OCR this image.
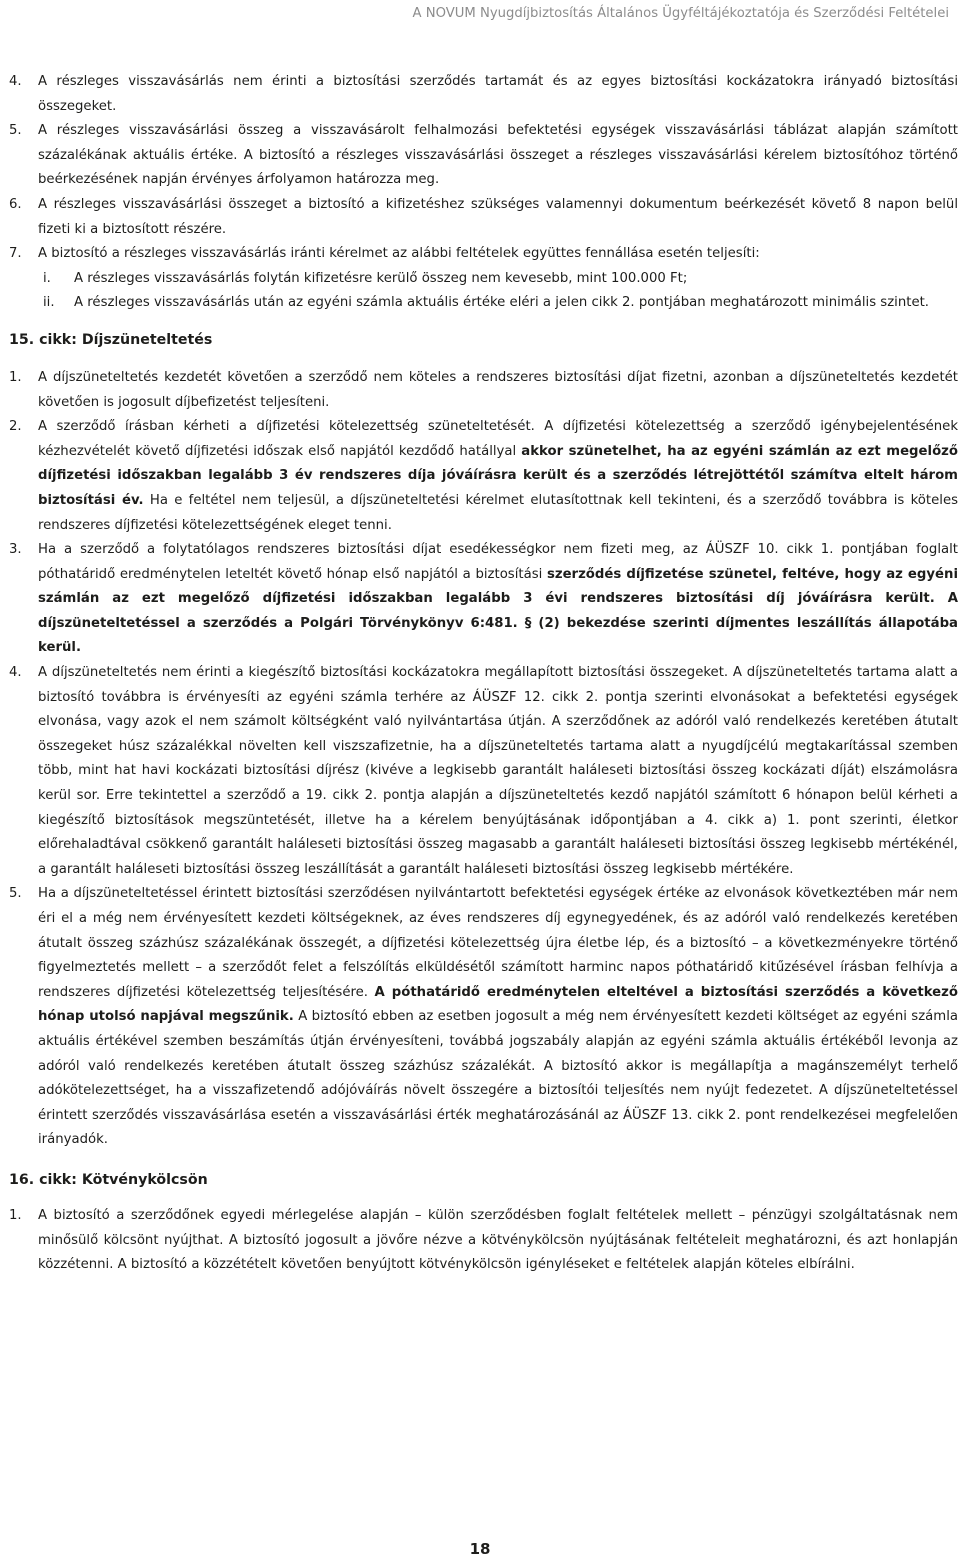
A NOVUM Nyugdíjbiztosítás Általános Ügyféltájékoztatója és Szerződési Feltételei
4. A részleges visszavásárlás nem érinti a biztosítási szerződés tartamát és az egyes biztosítási kockázatokra irányadó biztosítási összegeket.
5. A részleges visszavásárlási összeg a visszavásárolt felhalmozási befektetési egységek visszavásárlási táblázat alapján számított százalékának aktuális értéke. A biztosító a részleges visszavásárlási összeget a részleges visszavásárlási kérelem biztosítóhoz történő beérkezésének napján érvényes árfolyamon határozza meg.
6. A részleges visszavásárlási összeget a biztosító a kifizetéshez szükséges valamennyi dokumentum beérkezését követő 8 napon belül fizeti ki a biztosított részére.
7. A biztosító a részleges visszavásárlás iránti kérelmet az alábbi feltételek együttes fennállása esetén teljesíti:
i. A részleges visszavásárlás folytán kifizetésre kerülő összeg nem kevesebb, mint 100.000 Ft;
ii. A részleges visszavásárlás után az egyéni számla aktuális értéke eléri a jelen cikk 2. pontjában meghatározott minimális szintet.
15. cikk: Díjszüneteltetés
1. A díjszüneteltetés kezdetét követően a szerződő nem köteles a rendszeres biztosítási díjat fizetni, azonban a díjszüneteltetés kezdetét követően is jogosult díjbefizetést teljesíteni.
2. A szerződő írásban kérheti a díjfizetési kötelezettség szüneteltetését. A díjfizetési kötelezettség a szerződő igénybejelentésének kézhezvételét követő díjfizetési időszak első napjától kezdődő hatállyal akkor szünetelhet, ha az egyéni számlán az ezt megelőző díjfizetési időszakban legalább 3 év rendszeres díja jóváírásra került és a szerződés létrejöttétől számítva eltelt három biztosítási év. Ha e feltétel nem teljesül, a díjszüneteltetési kérelmet elutasítottnak kell tekinteni, és a szerződő továbbra is köteles rendszeres díjfizetési kötelezettségének eleget tenni.
3. Ha a szerződő a folytatólagos rendszeres biztosítási díjat esedékességkor nem fizeti meg, az ÁÜSZF 10. cikk 1. pontjában foglalt póthatáridő eredménytelen leteltét követő hónap első napjától a biztosítási szerződés díjfizetése szünetel, feltéve, hogy az egyéni számlán az ezt megelőző díjfizetési időszakban legalább 3 évi rendszeres biztosítási díj jóváírásra került. A díjszüneteltetéssel a szerződés a Polgári Törvénykönyv 6:481. § (2) bekezdése szerinti díjmentes leszállítás állapotába kerül.
4. A díjszüneteltetés nem érinti a kiegészítő biztosítási kockázatokra megállapított biztosítási összegeket. A díjszüneteltetés tartama alatt a biztosító továbbra is érvényesíti az egyéni számla terhére az ÁÜSZF 12. cikk 2. pontja szerinti elvonásokat a befektetési egységek elvonása, vagy azok el nem számolt költségként való nyilvántartása útján. A szerződőnek az adóról való rendelkezés keretében átutalt összegeket húsz százalékkal növelten kell viszszafizetnie, ha a díjszüneteltetés tartama alatt a nyugdíjcélú megtakarítással szemben több, mint hat havi kockázati biztosítási díjrész (kivéve a legkisebb garantált haláleseti biztosítási összeg kockázati díját) elszámolásra kerül sor. Erre tekintettel a szerződő a 19. cikk 2. pontja alapján a díjszüneteltetés kezdő napjától számított 6 hónapon belül kérheti a kiegészítő biztosítások megszüntetését, illetve ha a kérelem benyújtásának időpontjában a 4. cikk a) 1. pont szerinti, életkor előrehaladtával csökkenő garantált haláleseti biztosítási összeg magasabb a garantált haláleseti biztosítási összeg legkisebb mértékénél, a garantált haláleseti biztosítási összeg leszállítását a garantált haláleseti biztosítási összeg legkisebb mértékére.
5. Ha a díjszüneteltetéssel érintett biztosítási szerződésen nyilvántartott befektetési egységek értéke az elvonások következtében már nem éri el a még nem érvényesített kezdeti költségeknek, az éves rendszeres díj egynegyedének, és az adóról való rendelkezés keretében átutalt összeg százhúsz százalékának összegét, a díjfizetési kötelezettség újra életbe lép, és a biztosító – a következményekre történő figyelmeztetés mellett – a szerződőt felet a felszólítás elküldésétől számított harminc napos póthatáridő kitűzésével írásban felhívja a rendszeres díjfizetési kötelezettség teljesítésére. A póthatáridő eredménytelen elteltével a biztosítási szerződés a következő hónap utolsó napjával megszűnik. A biztosító ebben az esetben jogosult a még nem érvényesített kezdeti költséget az egyéni számla aktuális értékével szemben beszámítás útján érvényesíteni, továbbá jogszabály alapján az egyéni számla aktuális értékéből levonja az adóról való rendelkezés keretében átutalt összeg százhúsz százalékát. A biztosító akkor is megállapítja a magánszemélyt terhelő adókötelezettséget, ha a visszafizetendő adójóváírás növelt összegére a biztosítói teljesítés nem nyújt fedezetet. A díjszüneteltetéssel érintett szerződés visszavásárlása esetén a visszavásárlási érték meghatározásánál az ÁÜSZF 13. cikk 2. pont rendelkezései megfelelően irányadók.
16. cikk: Kötvénykölcsön
1. A biztosító a szerződőnek egyedi mérlegelése alapján – külön szerződésben foglalt feltételek mellett – pénzügyi szolgáltatásnak nem minősülő kölcsönt nyújthat. A biztosító jogosult a jövőre nézve a kötvénykölcsön nyújtásának feltételeit meghatározni, és azt honlapján közzétenni. A biztosító a közzétételt követően benyújtott kötvénykölcsön igényléseket e feltételek alapján köteles elbírálni.
18
